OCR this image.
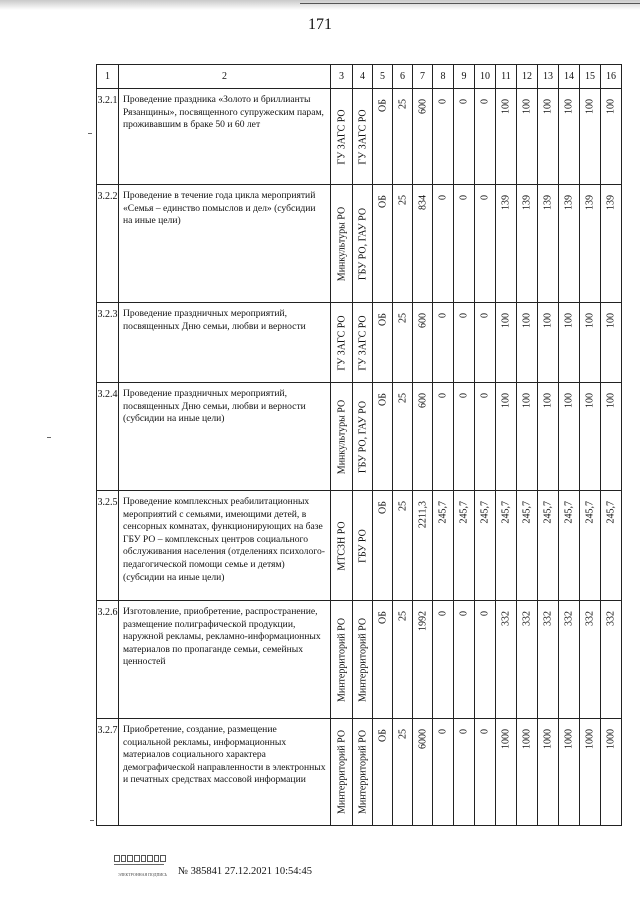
171
1	2	3	4	5	6	7	8	9	10	11	12	13	14	15	16
3.2.1	Проведение праздника «Золото и бриллианты Рязанщины», посвященного супружеским парам, проживавшим в браке 50 и 60 лет	ГУ ЗАГС РО	ГУ ЗАГС РО	ОБ	25	600	0	0	0	100	100	100	100	100	100

3.2.2	Проведение в течение года цикла мероприятий «Семья – единство помыслов и дел» (субсидии на иные цели)	Минкультуры РО	ГБУ РО, ГАУ РО	ОБ	25	834	0	0	0	139	139	139	139	139	139

3.2.3	Проведение праздничных мероприятий, посвященных Дню семьи, любви и верности	ГУ ЗАГС РО	ГУ ЗАГС РО	ОБ	25	600	0	0	0	100	100	100	100	100	100

3.2.4	Проведение праздничных мероприятий, посвященных Дню семьи, любви и верности (субсидии на иные цели)	Минкультуры РО	ГБУ РО, ГАУ РО	ОБ	25	600	0	0	0	100	100	100	100	100	100

3.2.5	Проведение комплексных реабилитационных мероприятий с семьями, имеющими детей, в сенсорных комнатах, функционирующих на базе ГБУ РО – комплексных центров социального обслуживания населения (отделениях психолого-педагогической помощи семье и детям) (субсидии на иные цели)	МТСЗН РО	ГБУ РО	ОБ	25	2211,3	245,7	245,7	245,7	245,7	245,7	245,7	245,7	245,7	245,7

3.2.6	Изготовление, приобретение, распространение, размещение полиграфической продукции, наружной рекламы, рекламно-информационных материалов по пропаганде семьи, семейных ценностей	Минтерриторий РО	Минтерриторий РО	ОБ	25	1992	0	0	0	332	332	332	332	332	332

3.2.7	Приобретение, создание, размещение социальной рекламы, информационных материалов социального характера демографической направленности в электронных и печатных средствах массовой информации	Минтерриторий РО	Минтерриторий РО	ОБ	25	6000	0	0	0	1000	1000	1000	1000	1000	1000
ЭЛЕКТРОННАЯ ПОДПИСЬ № 385841 27.12.2021 10:54:45
